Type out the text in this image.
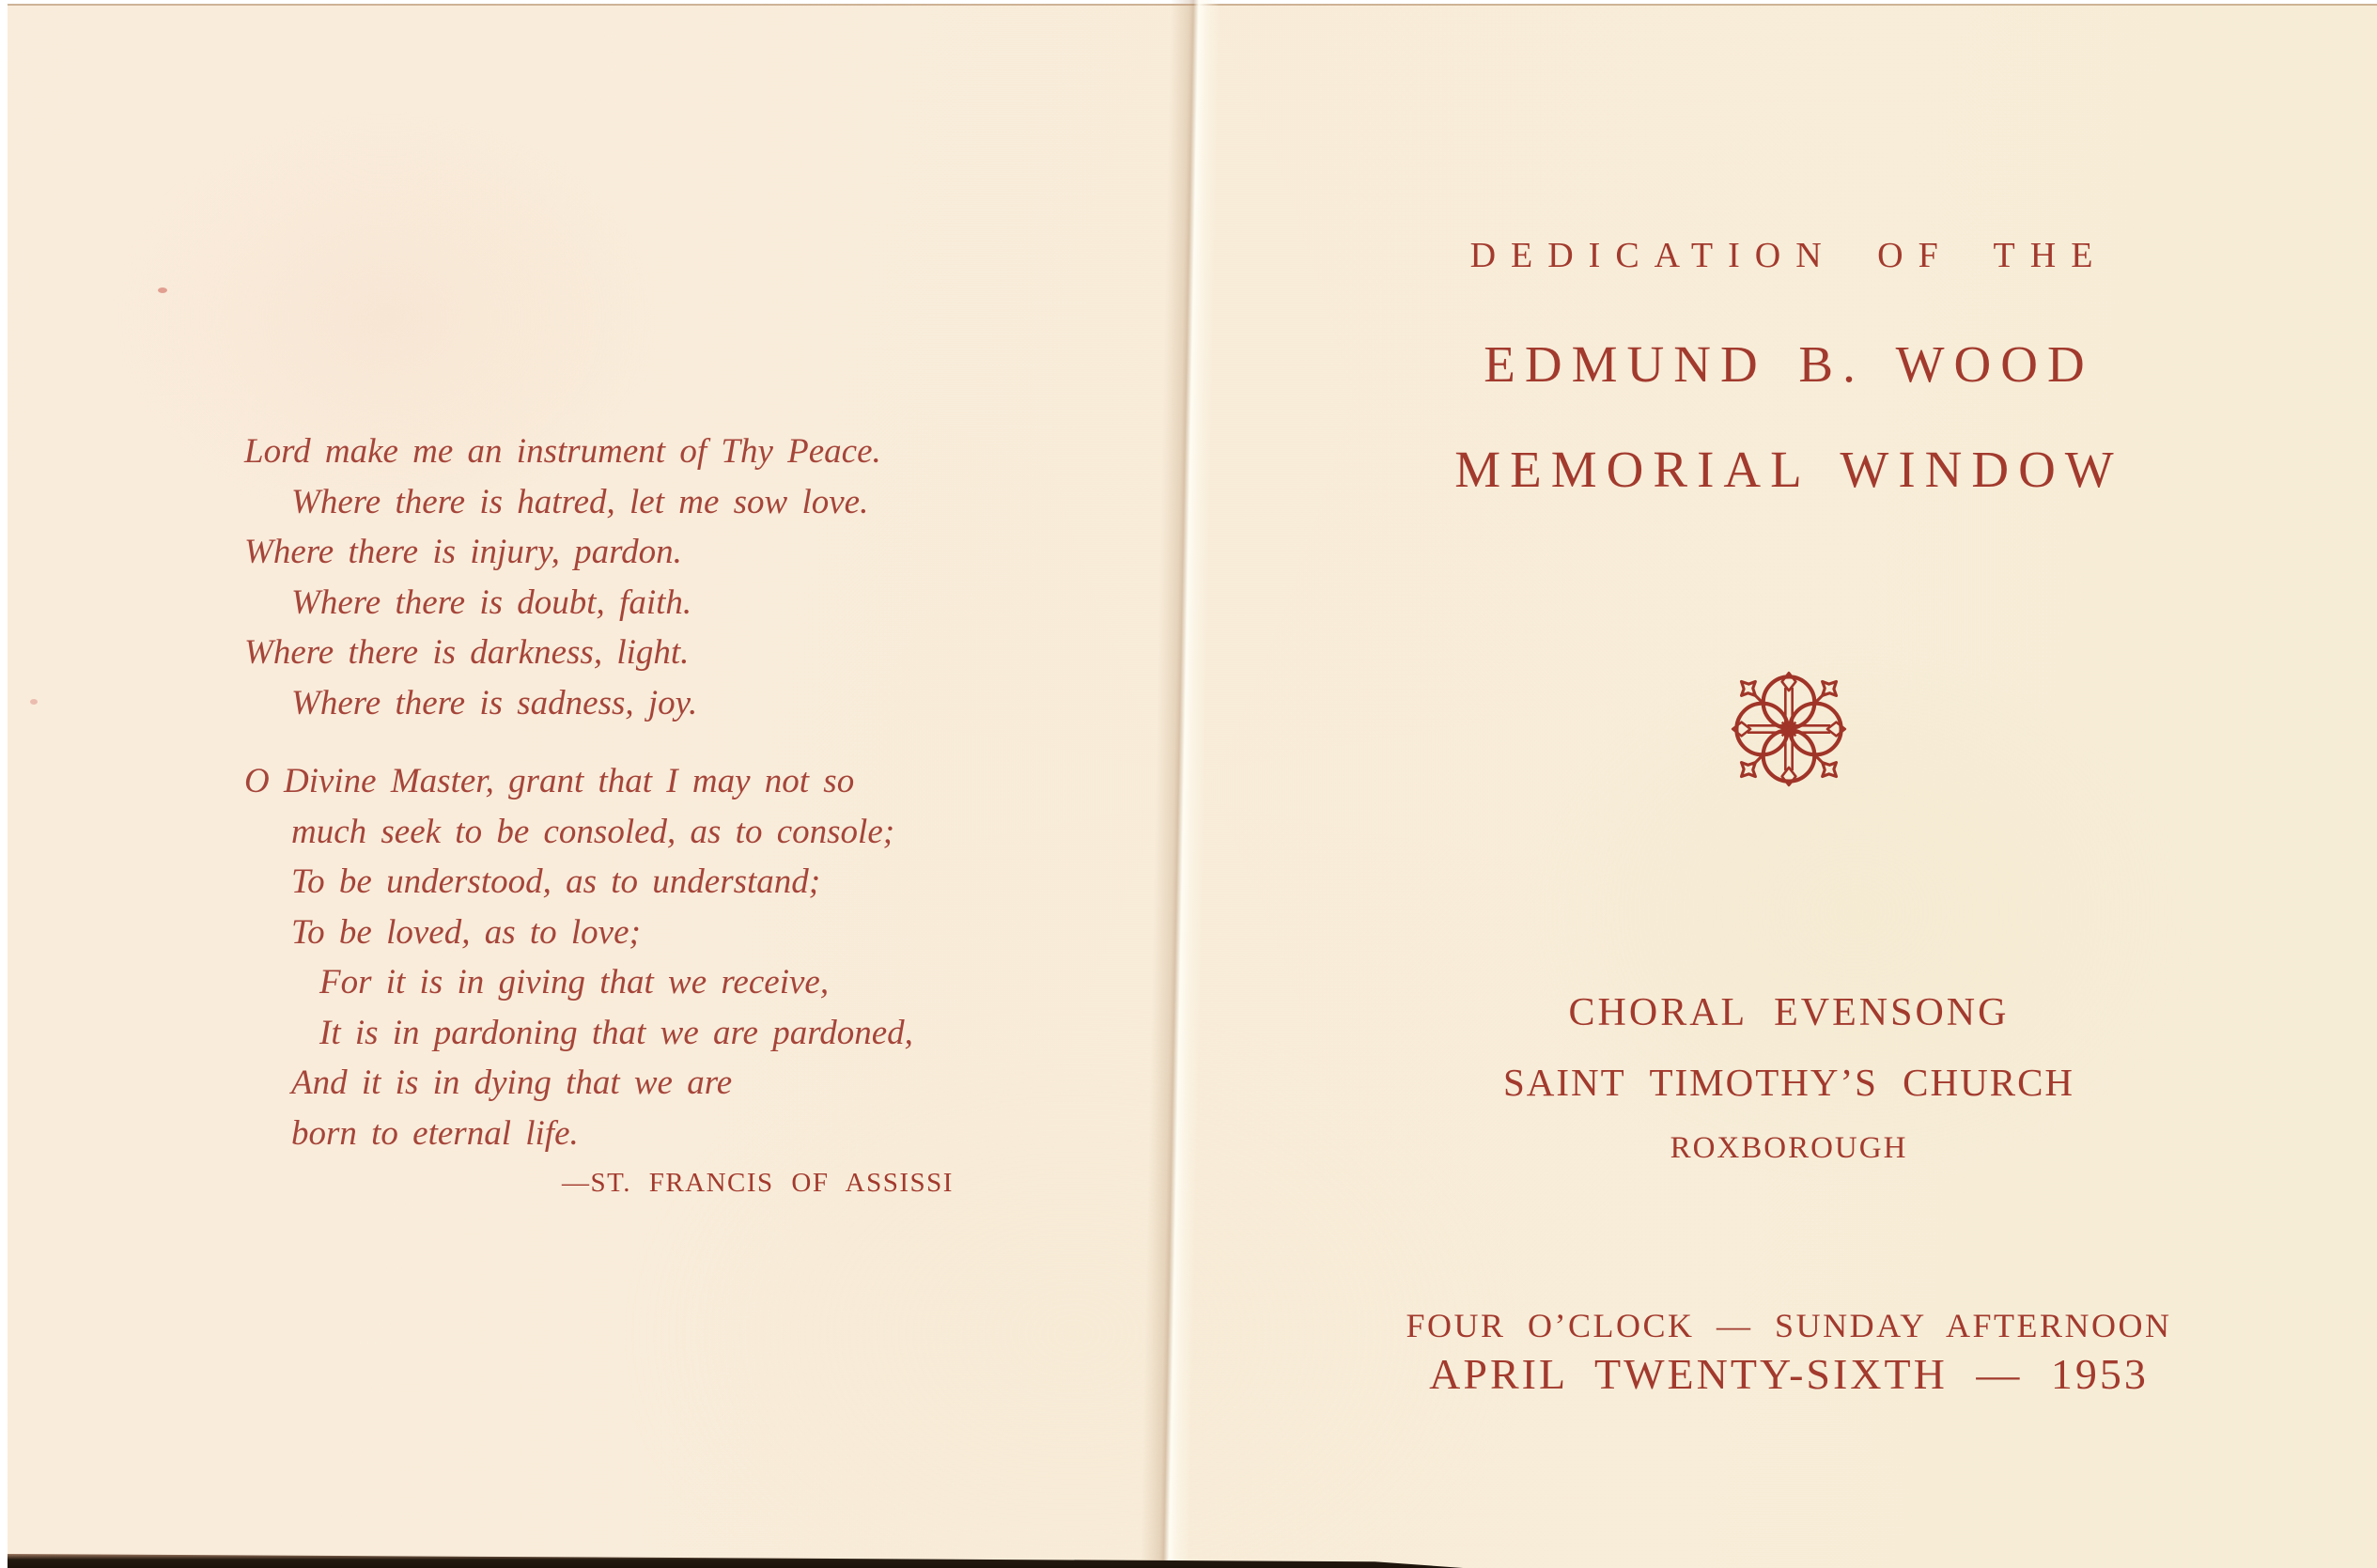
Lord make me an instrument of Thy Peace.
Where there is hatred, let me sow love.
Where there is injury, pardon.
Where there is doubt, faith.
Where there is darkness, light.
Where there is sadness, joy.
O Divine Master, grant that I may not so
much seek to be consoled, as to console;
To be understood, as to understand;
To be loved, as to love;
For it is in giving that we receive,
It is in pardoning that we are pardoned,
And it is in dying that we are
born to eternal life.
—ST. FRANCIS OF ASSISSI
DEDICATION OF THE
EDMUND B. WOOD
MEMORIAL WINDOW
CHORAL EVENSONG
SAINT TIMOTHY’S CHURCH
ROXBOROUGH
FOUR O’CLOCK — SUNDAY AFTERNOON
APRIL TWENTY-SIXTH — 1953
